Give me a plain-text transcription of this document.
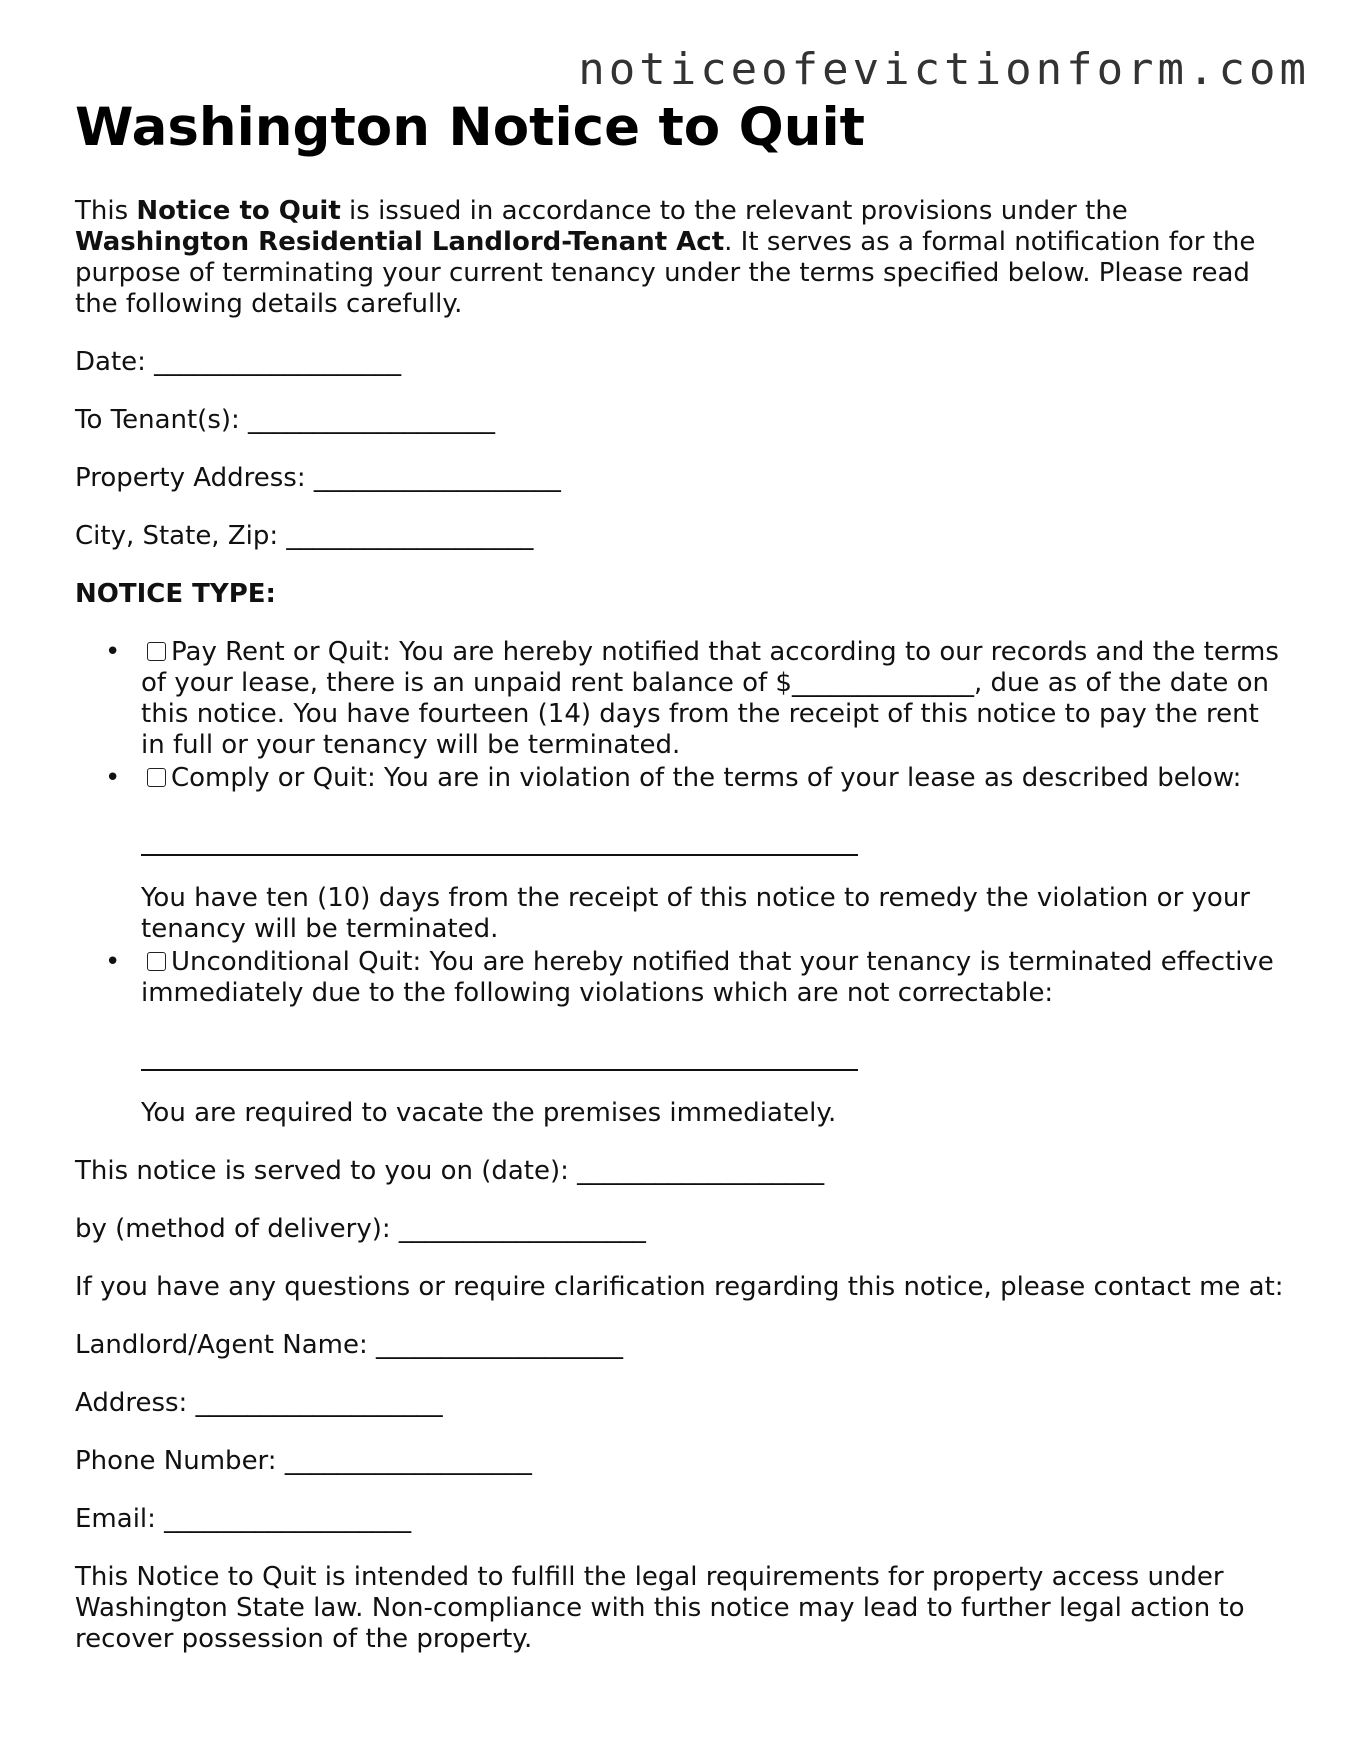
noticeofevictionform.com
Washington Notice to Quit

This Notice to Quit is issued in accordance to the relevant provisions under the Washington Residential Landlord-Tenant Act. It serves as a formal notification for the purpose of terminating your current tenancy under the terms specified below. Please read the following details carefully.

Date: ___________________

To Tenant(s): ___________________

Property Address: ___________________

City, State, Zip: ___________________

NOTICE TYPE:

• Pay Rent or Quit: You are hereby notified that according to our records and the terms of your lease, there is an unpaid rent balance of $______________, due as of the date on this notice. You have fourteen (14) days from the receipt of this notice to pay the rent in full or your tenancy will be terminated.
• Comply or Quit: You are in violation of the terms of your lease as described below:
You have ten (10) days from the receipt of this notice to remedy the violation or your tenancy will be terminated.
• Unconditional Quit: You are hereby notified that your tenancy is terminated effective immediately due to the following violations which are not correctable:
You are required to vacate the premises immediately.

This notice is served to you on (date): ___________________

by (method of delivery): ___________________

If you have any questions or require clarification regarding this notice, please contact me at:

Landlord/Agent Name: ___________________

Address: ___________________

Phone Number: ___________________

Email: ___________________

This Notice to Quit is intended to fulfill the legal requirements for property access under Washington State law. Non-compliance with this notice may lead to further legal action to recover possession of the property.
